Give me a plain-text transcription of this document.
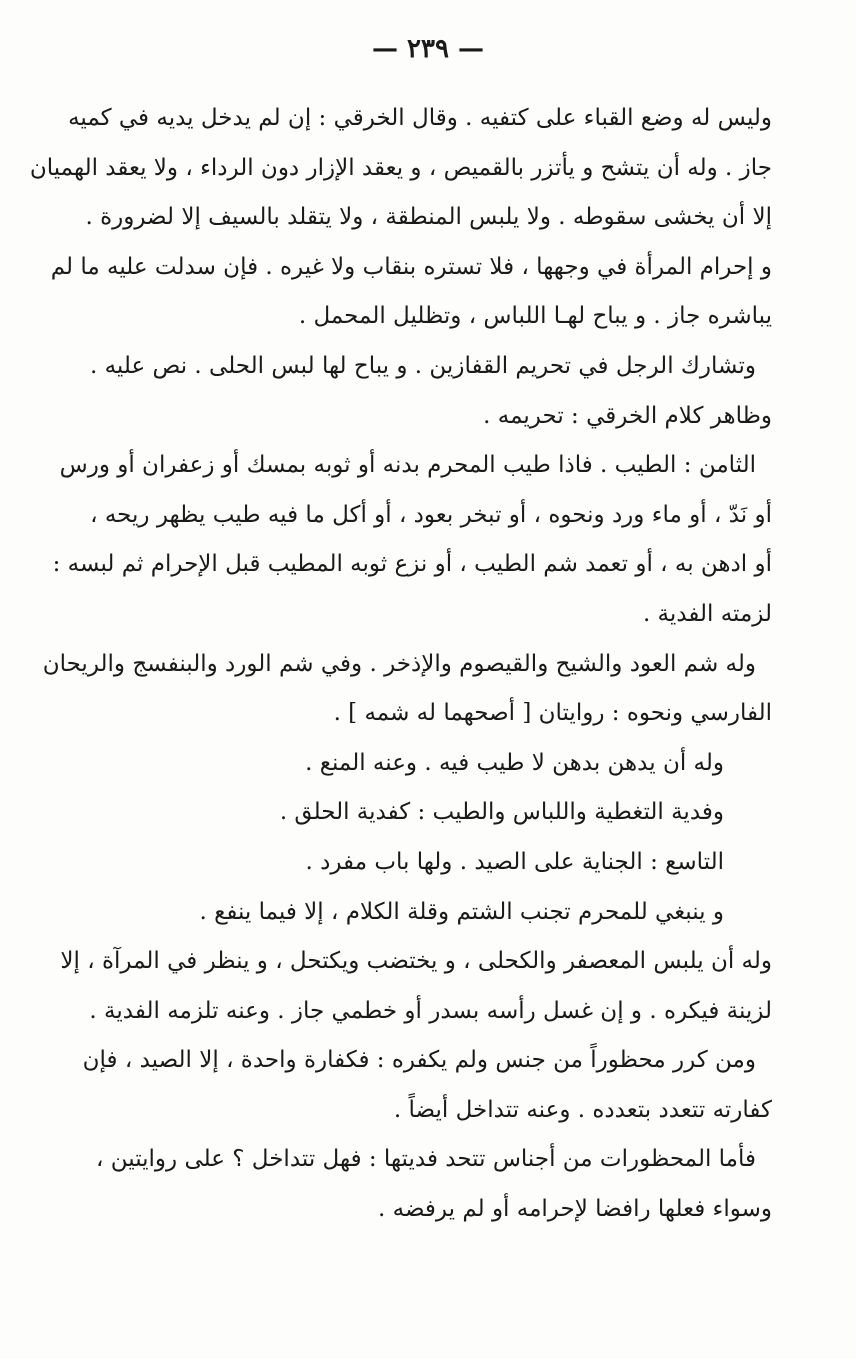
— ٢٣٩ —
وليس له وضع القباء على كتفيه . وقال الخرقي : إن لم يدخل يديه في كميه
جاز . وله أن يتشح و يأتزر بالقميص ، و يعقد الإزار دون الرداء ، ولا يعقد الهميان
إلا أن يخشى سقوطه . ولا يلبس المنطقة ، ولا يتقلد بالسيف إلا لضرورة .
و إحرام المرأة في وجهها ، فلا تستره بنقاب ولا غيره . فإن سدلت عليه ما لم
يباشره جاز . و يباح لهـا اللباس ، وتظليل المحمل .
وتشارك الرجل في تحريم القفازين . و يباح لها لبس الحلى . نص عليه .
وظاهر كلام الخرقي : تحريمه .
الثامن : الطيب . فاذا طيب المحرم بدنه أو ثوبه بمسك أو زعفران أو ورس
أو نَدّ ، أو ماء ورد ونحوه ، أو تبخر بعود ، أو أكل ما فيه طيب يظهر ريحه ،
أو ادهن به ، أو تعمد شم الطيب ، أو نزع ثوبه المطيب قبل الإحرام ثم لبسه :
لزمته الفدية .
وله شم العود والشيح والقيصوم والإذخر . وفي شم الورد والبنفسج والريحان
الفارسي ونحوه : روايتان [ أصحهما له شمه ] .
وله أن يدهن بدهن لا طيب فيه . وعنه المنع .
وفدية التغطية واللباس والطيب : كفدية الحلق .
التاسع : الجناية على الصيد . ولها باب مفرد .
و ينبغي للمحرم تجنب الشتم وقلة الكلام ، إلا فيما ينفع .
وله أن يلبس المعصفر والكحلى ، و يختضب ويكتحل ، و ينظر في المرآة ، إلا
لزينة فيكره . و إن غسل رأسه بسدر أو خطمي جاز . وعنه تلزمه الفدية .
ومن كرر محظوراً من جنس ولم يكفره : فكفارة واحدة ، إلا الصيد ، فإن
كفارته تتعدد بتعدده . وعنه تتداخل أيضاً .
فأما المحظورات من أجناس تتحد فديتها : فهل تتداخل ؟ على روايتين ،
وسواء فعلها رافضا لإحرامه أو لم يرفضه .
